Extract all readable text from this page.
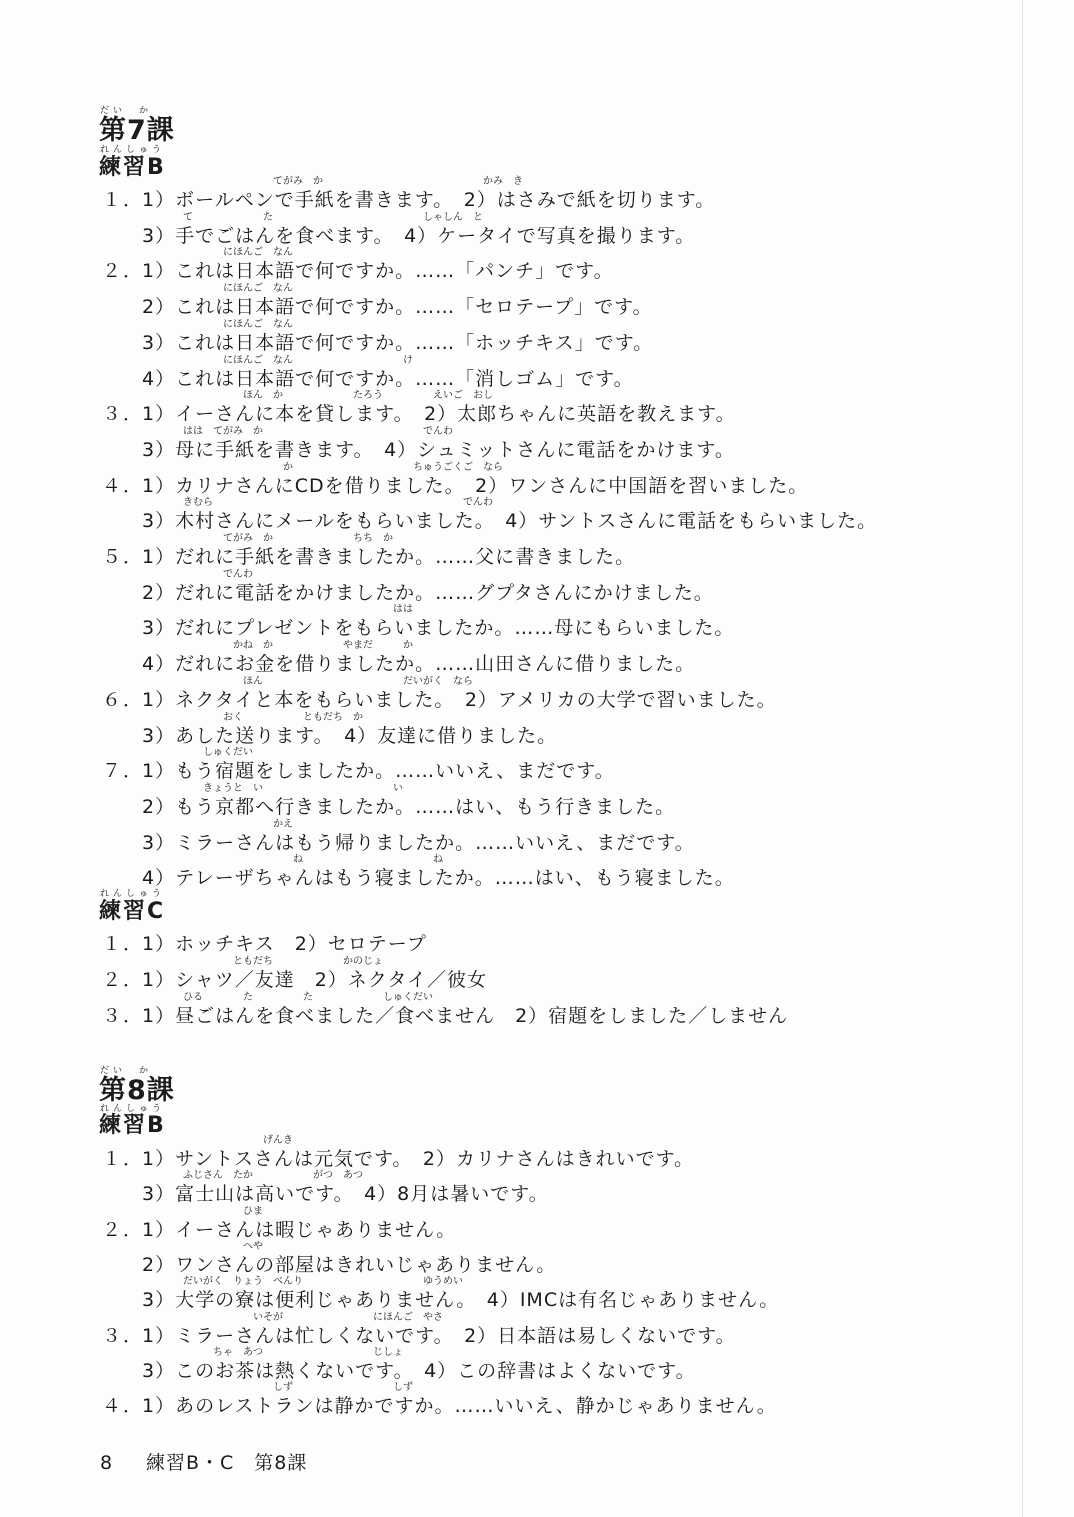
だい　か
第7課
れんしゅう
練習B
　　　　　　　　　てがみ　か　　　　　　　　　　　　　　　　かみ　き
１．
1）ボールペンで手紙を書きます。　2）はさみで紙を切ります。
て　　　　　　　た　　　　　　　　　　　　　　　しゃしん　と
3）手でごはんを食べます。　4）ケータイで写真を撮ります。
　　　　にほんご　なん
２．
1）これは日本語で何ですか。……「パンチ」です。
　　　　にほんご　なん
2）これは日本語で何ですか。……「セロテープ」です。
　　　　にほんご　なん
3）これは日本語で何ですか。……「ホッチキス」です。
　　　　にほんご　なん　　　　　　　　　　　け
4）これは日本語で何ですか。……「消しゴム」です。
　　　　　　ほん　か　　　　　　　たろう　　　　　えいご　おし
３．
1）イーさんに本を貸します。　2）太郎ちゃんに英語を教えます。
はは　てがみ　か　　　　　　　　　　　　　　　　でんわ
3）母に手紙を書きます。　4）シュミットさんに電話をかけます。
　　　　　　　　　　か　　　　　　　　　　　　ちゅうごくご　なら
４．
1）カリナさんにCDを借りました。　2）ワンさんに中国語を習いました。
きむら　　　　　　　　　　　　　　　　　　　　　　　　　でんわ
3）木村さんにメールをもらいました。　4）サントスさんに電話をもらいました。
　　　　てがみ　か　　　　　　　　ちち　か
５．
1）だれに手紙を書きましたか。……父に書きました。
　　　　でんわ
2）だれに電話をかけましたか。……グプタさんにかけました。
　　　　　　　　　　　　　　　　　　　　　はは
3）だれにプレゼントをもらいましたか。……母にもらいました。
　　　　　かね　か　　　　　　　やまだ　　　か
4）だれにお金を借りましたか。……山田さんに借りました。
　　　　　　ほん　　　　　　　　　　　　　　だいがく　なら
６．
1）ネクタイと本をもらいました。　2）アメリカの大学で習いました。
　　　　おく　　　　　　ともだち　か
3）あした送ります。　4）友達に借りました。
　　しゅくだい
７．
1）もう宿題をしましたか。……いいえ、まだです。
　　きょうと　い　　　　　　　　　　　　　い
2）もう京都へ行きましたか。……はい、もう行きました。
　　　　　　　　　かえ
3）ミラーさんはもう帰りましたか。……いいえ、まだです。
　　　　　　　　　　　ね　　　　　　　　　　　　　ね
4）テレーザちゃんはもう寝ましたか。……はい、もう寝ました。
れんしゅう
練習C
１．
1）ホッチキス　2）セロテープ
　　　　　ともだち　　　　　　　かのじょ
２．
1）シャツ／友達　2）ネクタイ／彼女
ひる　　　　た　　　　　た　　　　　　　しゅくだい
３．
1）昼ごはんを食べました／食べません　2）宿題をしました／しません
だい　か
第8課
れんしゅう
練習B
　　　　　　　　げんき　　　　　　　　　　　　　
１．
1）サントスさんは元気です。　2）カリナさんはきれいです。
ふじさん　たか　　　　　　がつ　あつ
3）富士山は高いです。　4）8月は暑いです。
　　　　　　ひま
２．
1）イーさんは暇じゃありません。
　　　　　　へや
2）ワンさんの部屋はきれいじゃありません。
だいがく　りょう　べんり　　　　　　　　　　　　ゆうめい
3）大学の寮は便利じゃありません。　4）IMCは有名じゃありません。
　　　　　　　いそが　　　　　　　　　にほんご　やさ
３．
1）ミラーさんは忙しくないです。　2）日本語は易しくないです。
　　　ちゃ　あつ　　　　　　　　　　　じしょ
3）このお茶は熱くないです。　4）この辞書はよくないです。
　　　　　　　　　しず　　　　　　　　　　しず
４．
1）あのレストランは静かですか。……いいえ、静かじゃありません。
8 練習B・C　第8課
